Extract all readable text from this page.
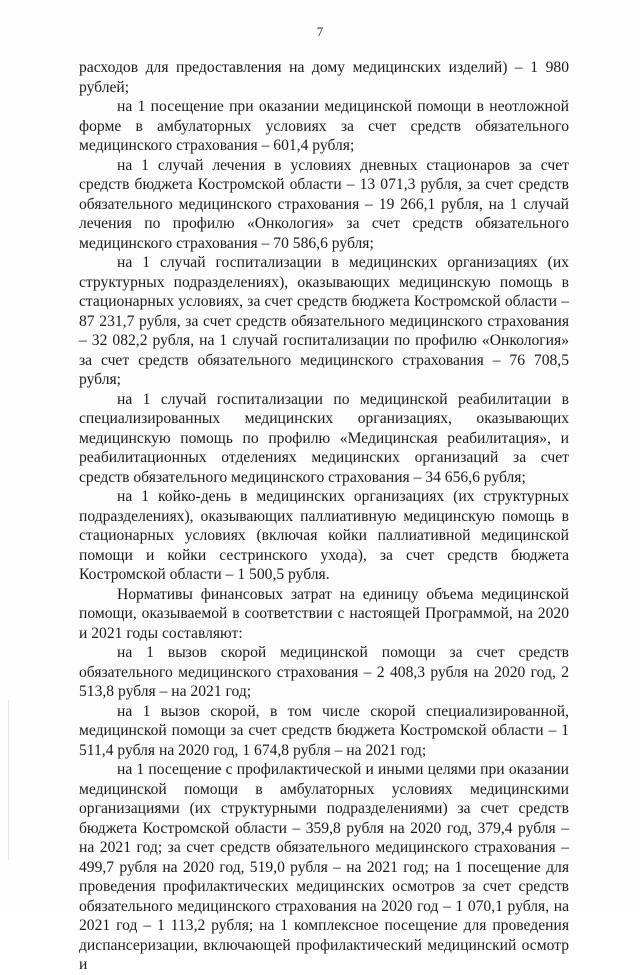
7

расходов для предоставления на дому медицинских изделий) – 1 980 рублей;

на 1 посещение при оказании медицинской помощи в неотложной форме в амбулаторных условиях за счет средств обязательного медицинского страхования – 601,4 рубля;

на 1 случай лечения в условиях дневных стационаров за счет средств бюджета Костромской области – 13 071,3 рубля, за счет средств обязательного медицинского страхования – 19 266,1 рубля, на 1 случай лечения по профилю «Онкология» за счет средств обязательного медицинского страхования – 70 586,6 рубля;

на 1 случай госпитализации в медицинских организациях (их структурных подразделениях), оказывающих медицинскую помощь в стационарных условиях, за счет средств бюджета Костромской области – 87 231,7 рубля, за счет средств обязательного медицинского страхования – 32 082,2 рубля, на 1 случай госпитализации по профилю «Онкология» за счет средств обязательного медицинского страхования – 76 708,5 рубля;

на 1 случай госпитализации по медицинской реабилитации в специализированных медицинских организациях, оказывающих медицинскую помощь по профилю «Медицинская реабилитация», и реабилитационных отделениях медицинских организаций за счет средств обязательного медицинского страхования – 34 656,6 рубля;

на 1 койко-день в медицинских организациях (их структурных подразделениях), оказывающих паллиативную медицинскую помощь в стационарных условиях (включая койки паллиативной медицинской помощи и койки сестринского ухода), за счет средств бюджета Костромской области – 1 500,5 рубля.

Нормативы финансовых затрат на единицу объема медицинской помощи, оказываемой в соответствии с настоящей Программой, на 2020 и 2021 годы составляют:

на 1 вызов скорой медицинской помощи за счет средств обязательного медицинского страхования – 2 408,3 рубля на 2020 год, 2 513,8 рубля – на 2021 год;

на 1 вызов скорой, в том числе скорой специализированной, медицинской помощи за счет средств бюджета Костромской области – 1 511,4 рубля на 2020 год, 1 674,8 рубля – на 2021 год;

на 1 посещение с профилактической и иными целями при оказании медицинской помощи в амбулаторных условиях медицинскими организациями (их структурными подразделениями) за счет средств бюджета Костромской области – 359,8 рубля на 2020 год, 379,4 рубля – на 2021 год; за счет средств обязательного медицинского страхования – 499,7 рубля на 2020 год, 519,0 рубля – на 2021 год; на 1 посещение для проведения профилактических медицинских осмотров за счет средств обязательного медицинского страхования на 2020 год – 1 070,1 рубля, на 2021 год – 1 113,2 рубля; на 1 комплексное посещение для проведения диспансеризации, включающей профилактический медицинский осмотр и
